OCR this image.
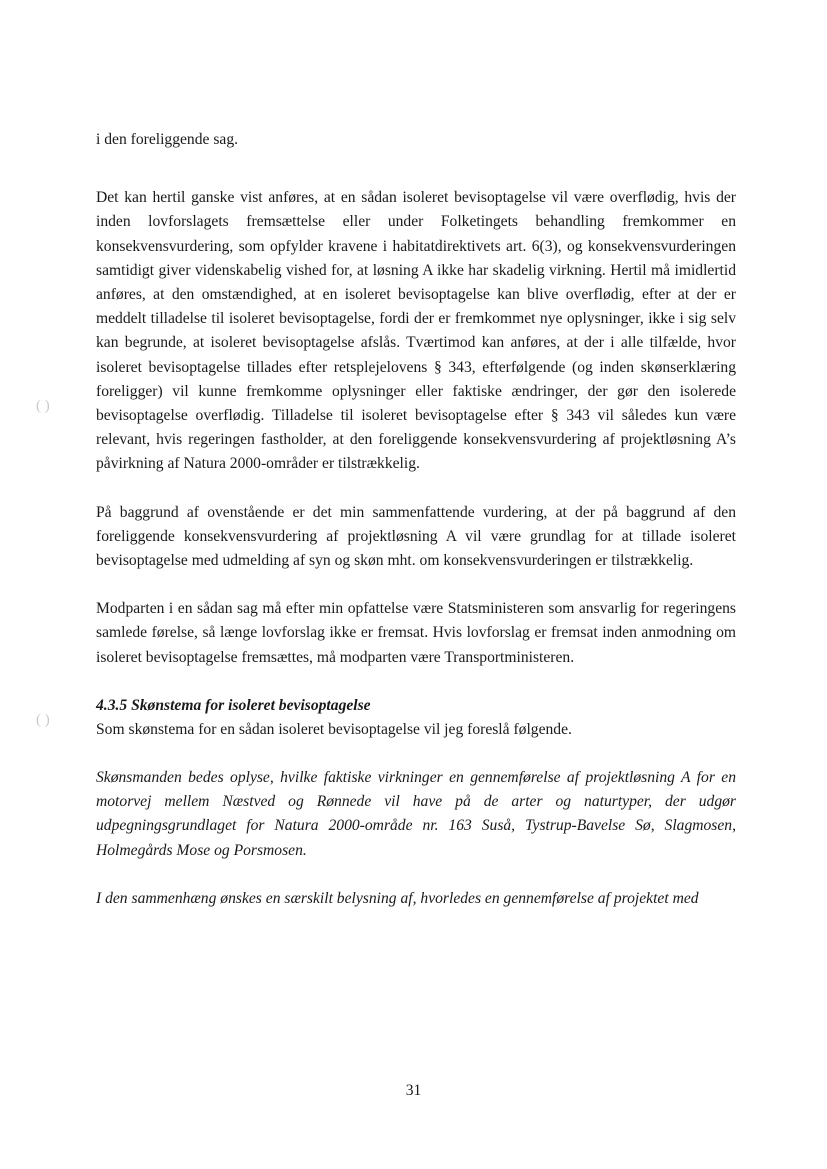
i den foreliggende sag.

Det kan hertil ganske vist anføres, at en sådan isoleret bevisoptagelse vil være overflødig, hvis der inden lovforslagets fremsættelse eller under Folketingets behandling fremkommer en konsekvensvurdering, som opfylder kravene i habitatdirektivets art. 6(3), og konsekvensvurderingen samtidigt giver videnskabelig vished for, at løsning A ikke har skadelig virkning. Hertil må imidlertid anføres, at den omstændighed, at en isoleret bevisoptagelse kan blive overflødig, efter at der er meddelt tilladelse til isoleret bevisoptagelse, fordi der er fremkommet nye oplysninger, ikke i sig selv kan begrunde, at isoleret bevisoptagelse afslås. Tværtimod kan anføres, at der i alle tilfælde, hvor isoleret bevisoptagelse tillades efter retsplejelovens § 343, efterfølgende (og inden skønserklæring foreligger) vil kunne fremkomme oplysninger eller faktiske ændringer, der gør den isolerede bevisoptagelse overflødig. Tilladelse til isoleret bevisoptagelse efter § 343 vil således kun være relevant, hvis regeringen fastholder, at den foreliggende konsekvensvurdering af projektløsning A’s påvirkning af Natura 2000-områder er tilstrækkelig.

På baggrund af ovenstående er det min sammenfattende vurdering, at der på baggrund af den foreliggende konsekvensvurdering af projektløsning A vil være grundlag for at tillade isoleret bevisoptagelse med udmelding af syn og skøn mht. om konsekvensvurderingen er tilstrækkelig.

Modparten i en sådan sag må efter min opfattelse være Statsministeren som ansvarlig for regeringens samlede førelse, så længe lovforslag ikke er fremsat. Hvis lovforslag er fremsat inden anmodning om isoleret bevisoptagelse fremsættes, må modparten være Transportministeren.

4.3.5 Skønstema for isoleret bevisoptagelse

Som skønstema for en sådan isoleret bevisoptagelse vil jeg foreslå følgende.

Skønsmanden bedes oplyse, hvilke faktiske virkninger en gennemførelse af projektløsning A for en motorvej mellem Næstved og Rønnede vil have på de arter og naturtyper, der udgør udpegningsgrundlaget for Natura 2000-område nr. 163 Suså, Tystrup-Bavelse Sø, Slagmosen, Holmegårds Mose og Porsmosen.

I den sammenhæng ønskes en særskilt belysning af, hvorledes en gennemførelse af projektet med

( )
( )
31
